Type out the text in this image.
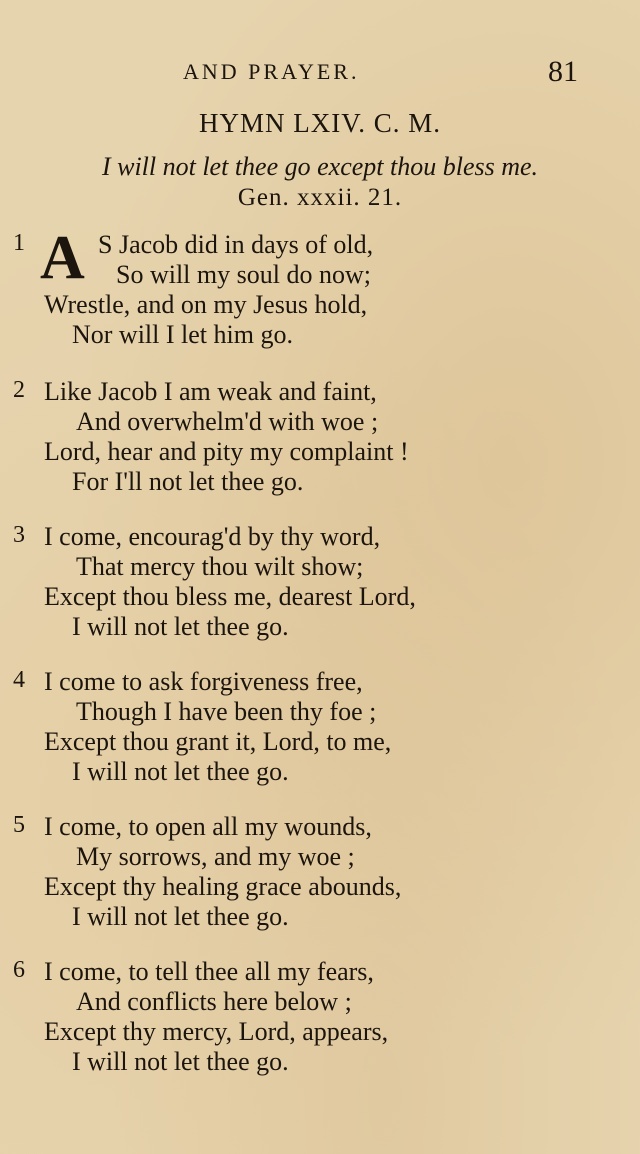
AND PRAYER.	81
HYMN LXIV. C. M.
I will not let thee go except thou bless me.
Gen. xxxii. 21.
1 A S Jacob did in days of old,
So will my soul do now;
Wrestle, and on my Jesus hold,
Nor will I let him go.
2 Like Jacob I am weak and faint,
And overwhelm'd with woe ;
Lord, hear and pity my complaint !
For I'll not let thee go.
3 I come, encourag'd by thy word,
That mercy thou wilt show;
Except thou bless me, dearest Lord,
I will not let thee go.
4 I come to ask forgiveness free,
Though I have been thy foe ;
Except thou grant it, Lord, to me,
I will not let thee go.
5 I come, to open all my wounds,
My sorrows, and my woe ;
Except thy healing grace abounds,
I will not let thee go.
6 I come, to tell thee all my fears,
And conflicts here below ;
Except thy mercy, Lord, appears,
I will not let thee go.
